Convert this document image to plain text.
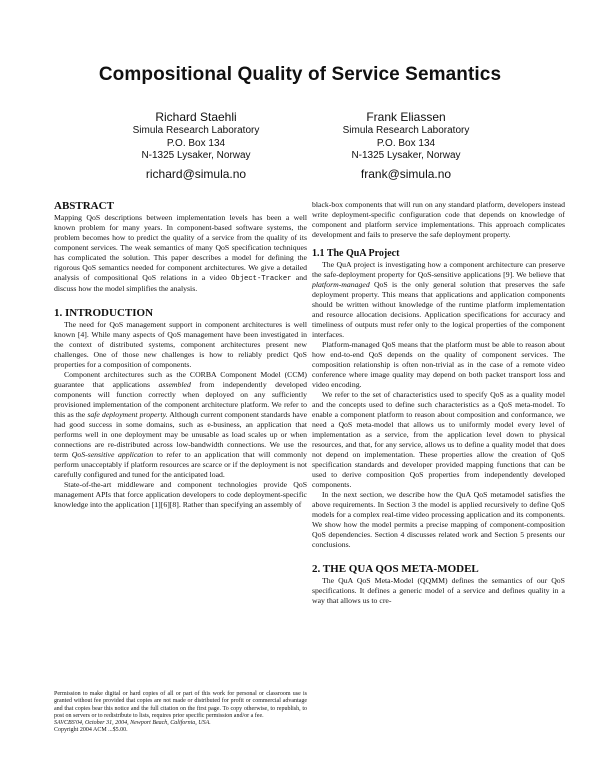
Compositional Quality of Service Semantics
Richard Staehli
Simula Research Laboratory
P.O. Box 134
N-1325 Lysaker, Norway
richard@simula.no
Frank Eliassen
Simula Research Laboratory
P.O. Box 134
N-1325 Lysaker, Norway
frank@simula.no
ABSTRACT

Mapping QoS descriptions between implementation levels has been a well known problem for many years. In component-based software systems, the problem becomes how to predict the quality of a service from the quality of its component services. The weak semantics of many QoS specification techniques has complicated the solution. This paper describes a model for defining the rigorous QoS semantics needed for component architectures. We give a detailed analysis of compositional QoS relations in a video Object-Tracker and discuss how the model simplifies the analysis.

1. INTRODUCTION

The need for QoS management support in component architectures is well known [4]. While many aspects of QoS management have been investigated in the context of distributed systems, component architectures present new challenges. One of those new challenges is how to reliably predict QoS properties for a composition of components.

Component architectures such as the CORBA Component Model (CCM) guarantee that applications assembled from independently developed components will function correctly when deployed on any sufficiently provisioned implementation of the component architecture platform. We refer to this as the safe deployment property. Although current component standards have had good success in some domains, such as e-business, an application that performs well in one deployment may be unusable as load scales up or when connections are re-distributed across low-bandwidth connections. We use the term QoS-sensitive application to refer to an application that will commonly perform unacceptably if platform resources are scarce or if the deployment is not carefully configured and tuned for the anticipated load.

State-of-the-art middleware and component technologies provide QoS management APIs that force application developers to code deployment-specific knowledge into the application [1][6][8]. Rather than specifying an assembly of

Permission to make digital or hard copies of all or part of this work for personal or classroom use is granted without fee provided that copies are not made or distributed for profit or commercial advantage and that copies bear this notice and the full citation on the first page. To copy otherwise, to republish, to post on servers or to redistribute to lists, requires prior specific permission and/or a fee.

SAVCBS'04, October 31, 2004, Newport Beach, California, USA.

Copyright 2004 ACM ...$5.00.

black-box components that will run on any standard platform, developers instead write deployment-specific configuration code that depends on knowledge of component and platform service implementations. This approach complicates development and fails to preserve the safe deployment property.

1.1 The QuA Project

The QuA project is investigating how a component architecture can preserve the safe-deployment property for QoS-sensitive applications [9]. We believe that platform-managed QoS is the only general solution that preserves the safe deployment property. This means that applications and application components should be written without knowledge of the runtime platform implementation and resource allocation decisions. Application specifications for accuracy and timeliness of outputs must refer only to the logical properties of the component interfaces.

Platform-managed QoS means that the platform must be able to reason about how end-to-end QoS depends on the quality of component services. The composition relationship is often non-trivial as in the case of a remote video conference where image quality may depend on both packet transport loss and video encoding.

We refer to the set of characteristics used to specify QoS as a quality model and the concepts used to define such characteristics as a QoS meta-model. To enable a component platform to reason about composition and conformance, we need a QoS meta-model that allows us to uniformly model every level of implementation as a service, from the application level down to physical resources, and that, for any service, allows us to define a quality model that does not depend on implementation. These properties allow the creation of QoS specification standards and developer provided mapping functions that can be used to derive composition QoS properties from independently developed components.

In the next section, we describe how the QuA QoS metamodel satisfies the above requirements. In Section 3 the model is applied recursively to define QoS models for a complex real-time video processing application and its components. We show how the model permits a precise mapping of component-composition QoS dependencies. Section 4 discusses related work and Section 5 presents our conclusions.

2. THE QUA QOS META-MODEL

The QuA QoS Meta-Model (QQMM) defines the semantics of our QoS specifications. It defines a generic model of a service and defines quality in a way that allows us to cre-
